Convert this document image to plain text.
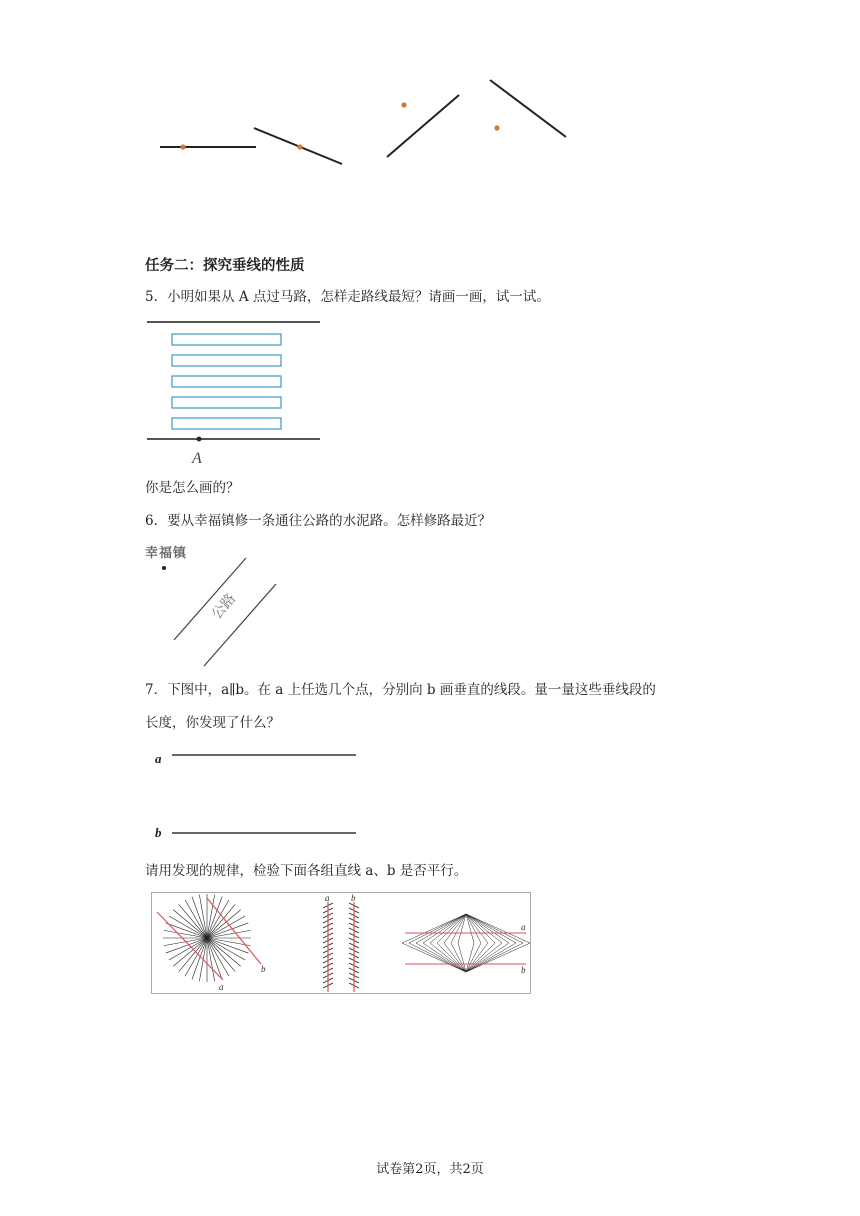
任务二：探究垂线的性质
5．小明如果从 A 点过马路，怎样走路线最短？请画一画，试一试。
A
你是怎么画的？
6．要从幸福镇修一条通往公路的水泥路。怎样修路最近？
幸福镇
公路
7．下图中，a∥b。在 a 上任选几个点，分别向 b 画垂直的线段。量一量这些垂线段的
长度，你发现了什么？
a
b
请用发现的规律，检验下面各组直线 a、b 是否平行。
b
a
a b
a
b
试卷第2页，共2页
